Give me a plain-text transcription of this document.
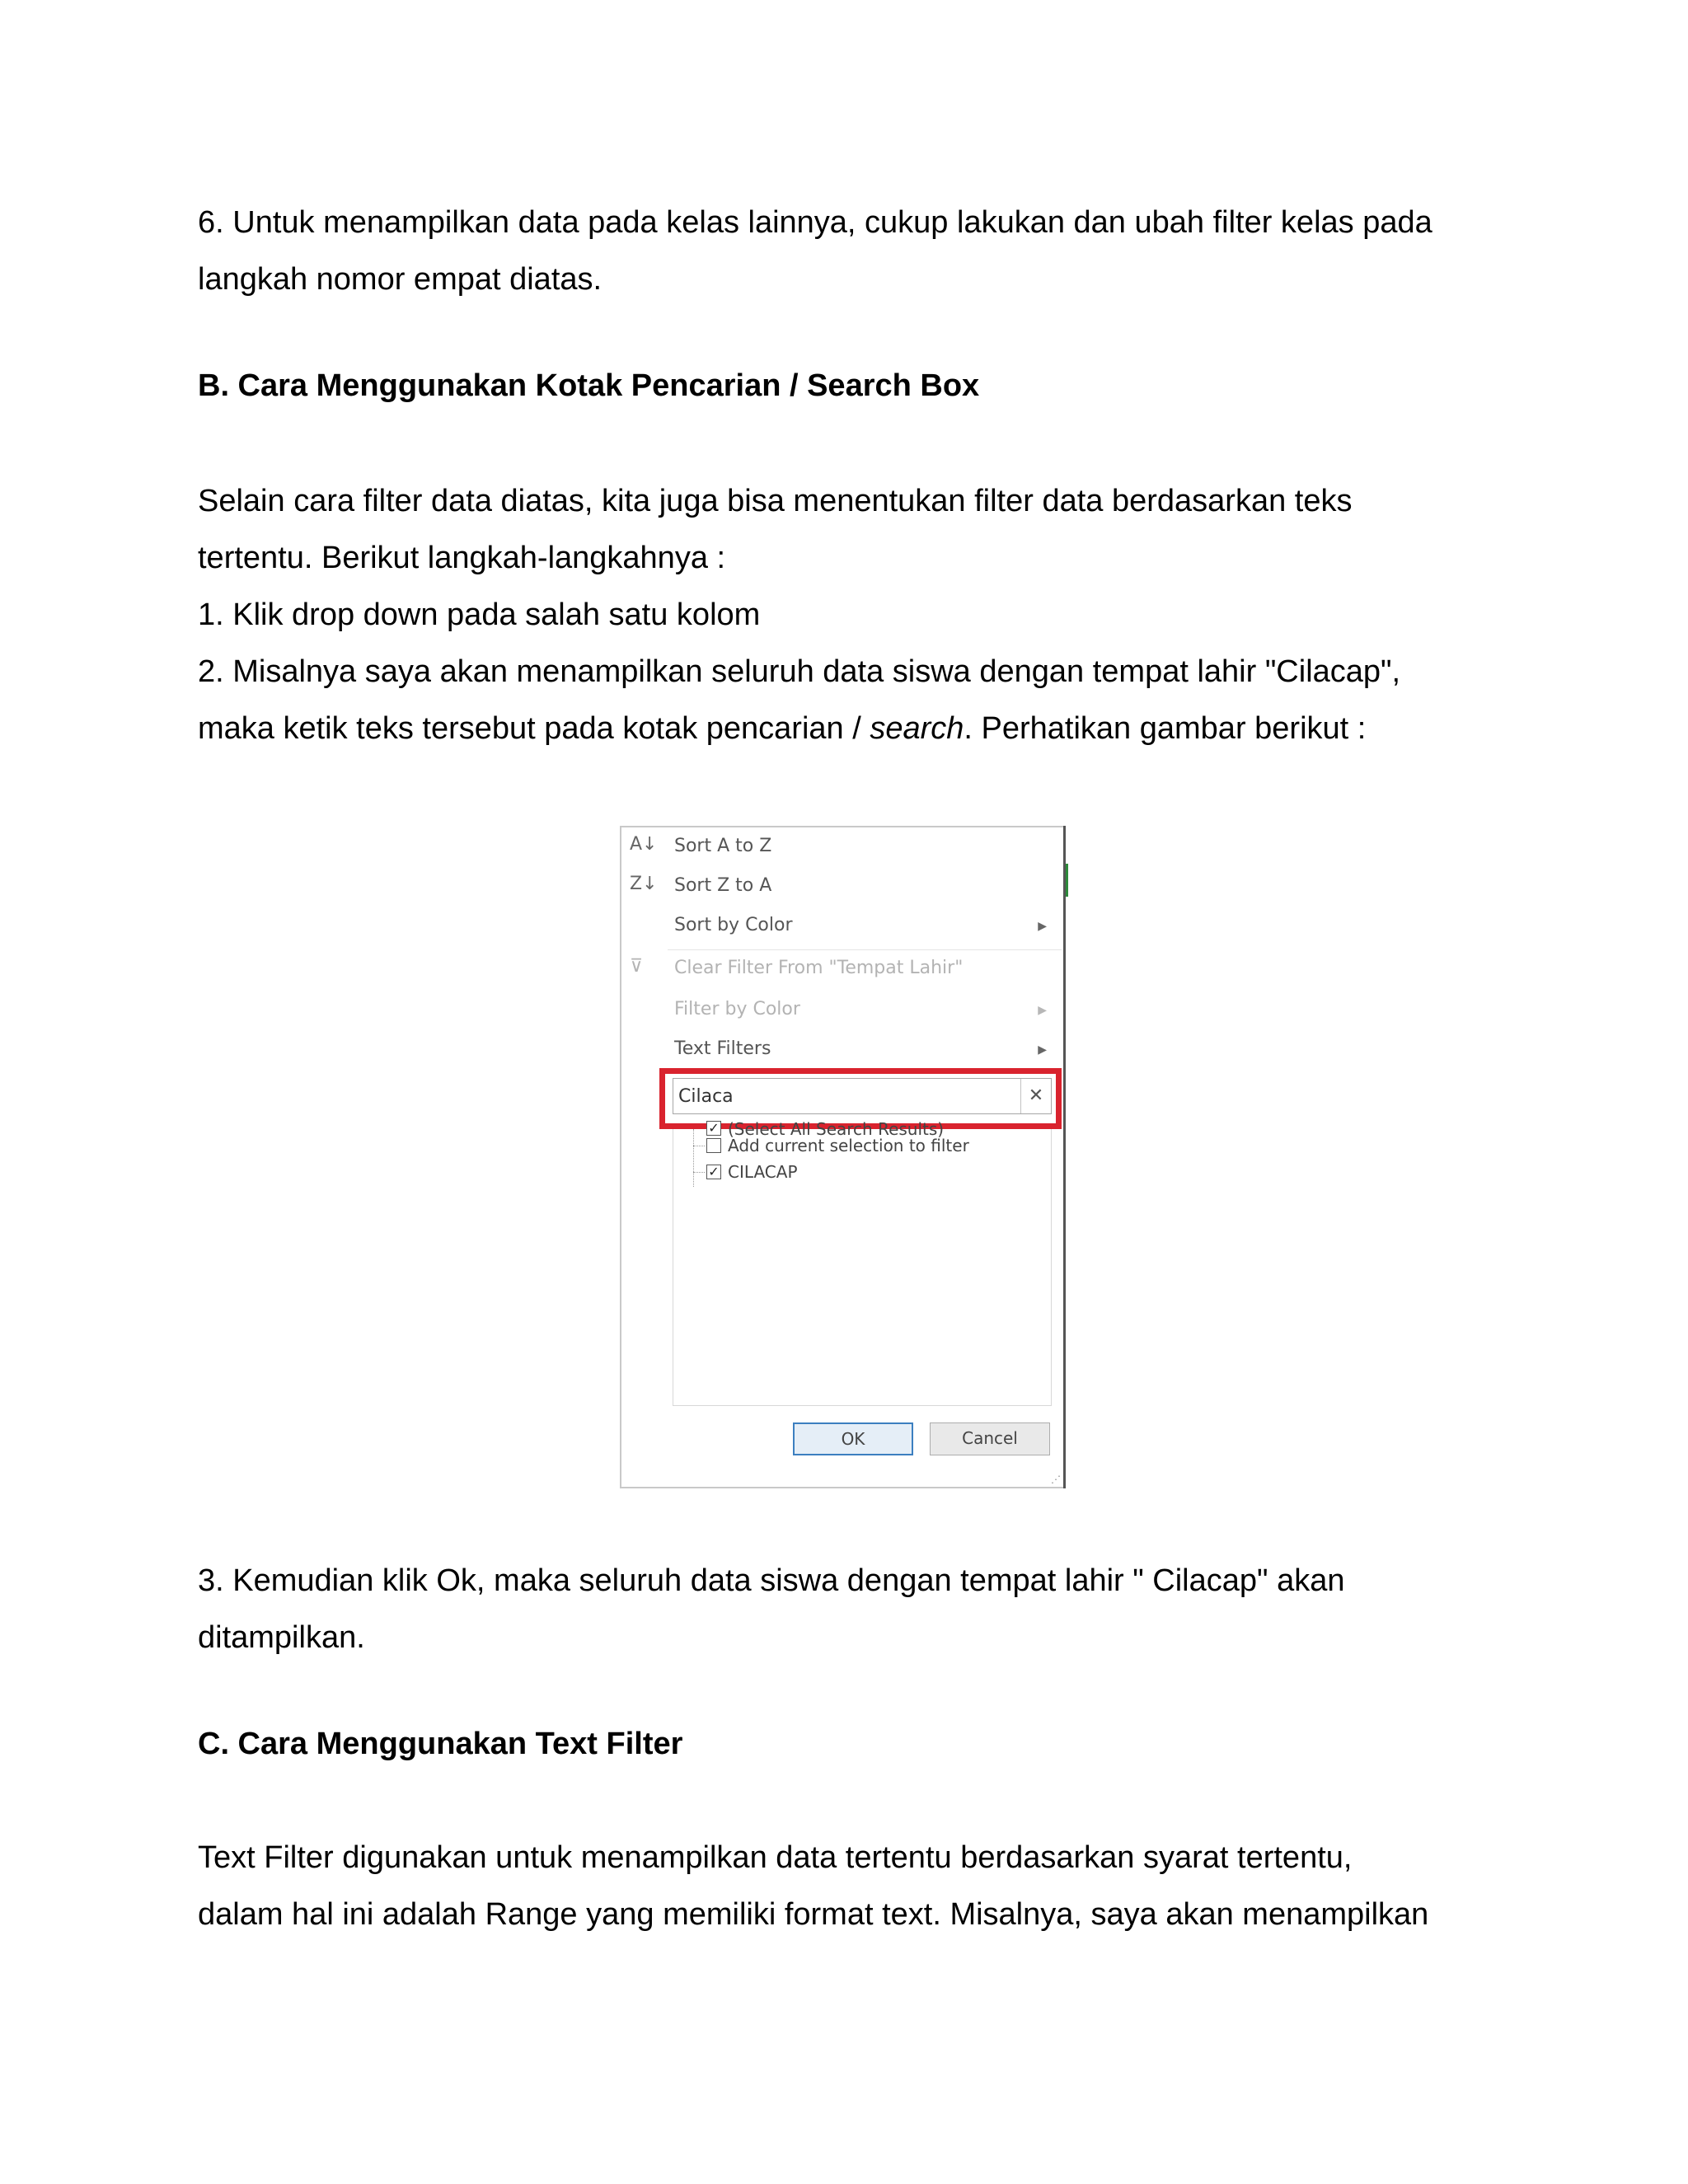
6. Untuk menampilkan data pada kelas lainnya, cukup lakukan dan ubah filter kelas pada
langkah nomor empat diatas.

B. Cara Menggunakan Kotak Pencarian / Search Box

Selain cara filter data diatas, kita juga bisa menentukan filter data berdasarkan teks
tertentu. Berikut langkah-langkahnya :
1. Klik drop down pada salah satu kolom
2. Misalnya saya akan menampilkan seluruh data siswa dengan tempat lahir "Cilacap",
maka ketik teks tersebut pada kotak pencarian / search. Perhatikan gambar berikut :

A↓ Sort A to Z
Z↓ Sort Z to A
Sort by Color	▶
⊽ Clear Filter From "Tempat Lahir"
Filter by Color	▶
Text Filters	▶
Cilaca
✕
✓ (Select All Search Results)
Add current selection to filter
✓ CILACAP
OK	Cancel
⋰

3. Kemudian klik Ok, maka seluruh data siswa dengan tempat lahir " Cilacap" akan
ditampilkan.

C. Cara Menggunakan Text Filter

Text Filter digunakan untuk menampilkan data tertentu berdasarkan syarat tertentu,
dalam hal ini adalah Range yang memiliki format text. Misalnya, saya akan menampilkan
